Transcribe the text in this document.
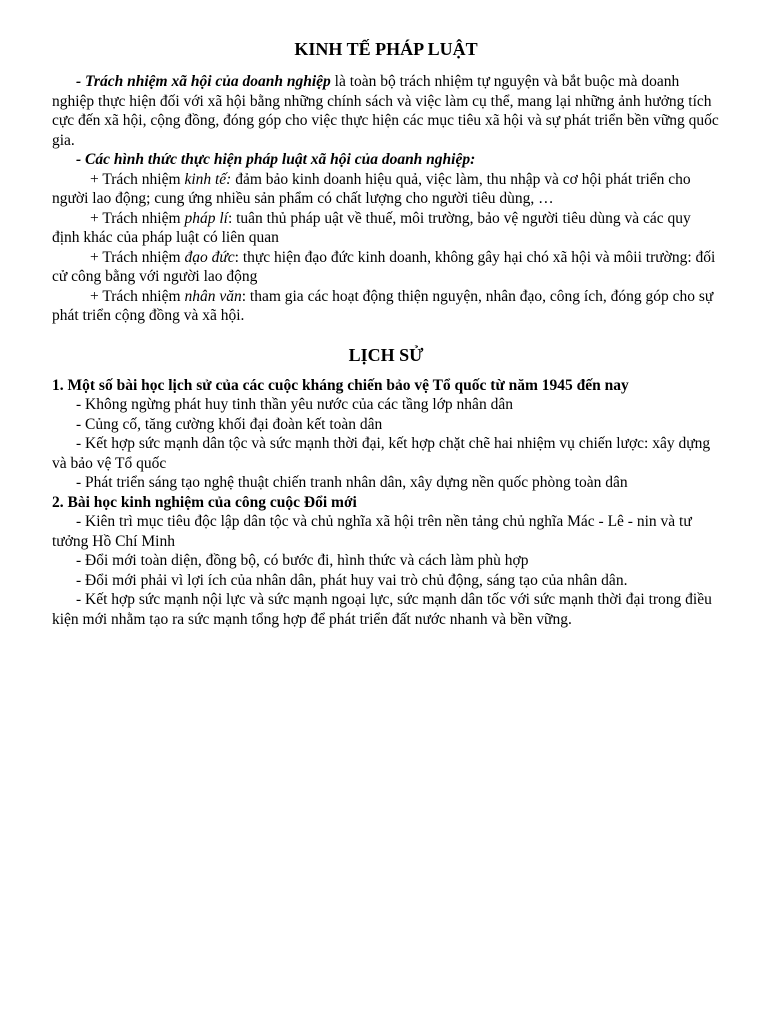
KINH TẾ PHÁP LUẬT

- Trách nhiệm xã hội của doanh nghiệp là toàn bộ trách nhiệm tự nguyện và bắt buộc mà doanh nghiệp thực hiện đối với xã hội bằng những chính sách và việc làm cụ thể, mang lại những ảnh hưởng tích cực đến xã hội, cộng đồng, đóng góp cho việc thực hiện các mục tiêu xã hội và sự phát triển bền vững quốc gia.

- Các hình thức thực hiện pháp luật xã hội của doanh nghiệp:

+ Trách nhiệm kinh tế: đảm bảo kinh doanh hiệu quả, việc làm, thu nhập và cơ hội phát triển cho người lao động; cung ứng nhiều sản phẩm có chất lượng cho người tiêu dùng, …

+ Trách nhiệm pháp lí: tuân thủ pháp uật về thuế, môi trường, bảo vệ người tiêu dùng và các quy định khác của pháp luật có liên quan

+ Trách nhiệm đạo đức: thực hiện đạo đức kinh doanh, không gây hại chó xã hội và môii trường: đối cử công bằng với người lao động

+ Trách nhiệm nhân văn: tham gia các hoạt động thiện nguyện, nhân đạo, công ích, đóng góp cho sự phát triển cộng đồng và xã hội.

LỊCH SỬ

1. Một số bài học lịch sử của các cuộc kháng chiến bảo vệ Tổ quốc từ năm 1945 đến nay

- Không ngừng phát huy tinh thần yêu nước của các tầng lớp nhân dân

- Củng cố, tăng cường khối đại đoàn kết toàn dân

- Kết hợp sức mạnh dân tộc và sức mạnh thời đại, kết hợp chặt chẽ hai nhiệm vụ chiến lược: xây dựng và bảo vệ Tổ quốc

- Phát triển sáng tạo nghệ thuật chiến tranh nhân dân, xây dựng nền quốc phòng toàn dân

2. Bài học kinh nghiệm của công cuộc Đổi mới

- Kiên trì mục tiêu độc lập dân tộc và chủ nghĩa xã hội trên nền tảng chủ nghĩa Mác - Lê - nin và tư tưởng Hồ Chí Minh

- Đổi mới toàn diện, đồng bộ, có bước đi, hình thức và cách làm phù hợp

- Đổi mới phải vì lợi ích của nhân dân, phát huy vai trò chủ động, sáng tạo của nhân dân.

- Kết hợp sức mạnh nội lực và sức mạnh ngoại lực, sức mạnh dân tốc với sức mạnh thời đại trong điều kiện mới nhằm tạo ra sức mạnh tổng hợp để phát triển đất nước nhanh và bền vững.
